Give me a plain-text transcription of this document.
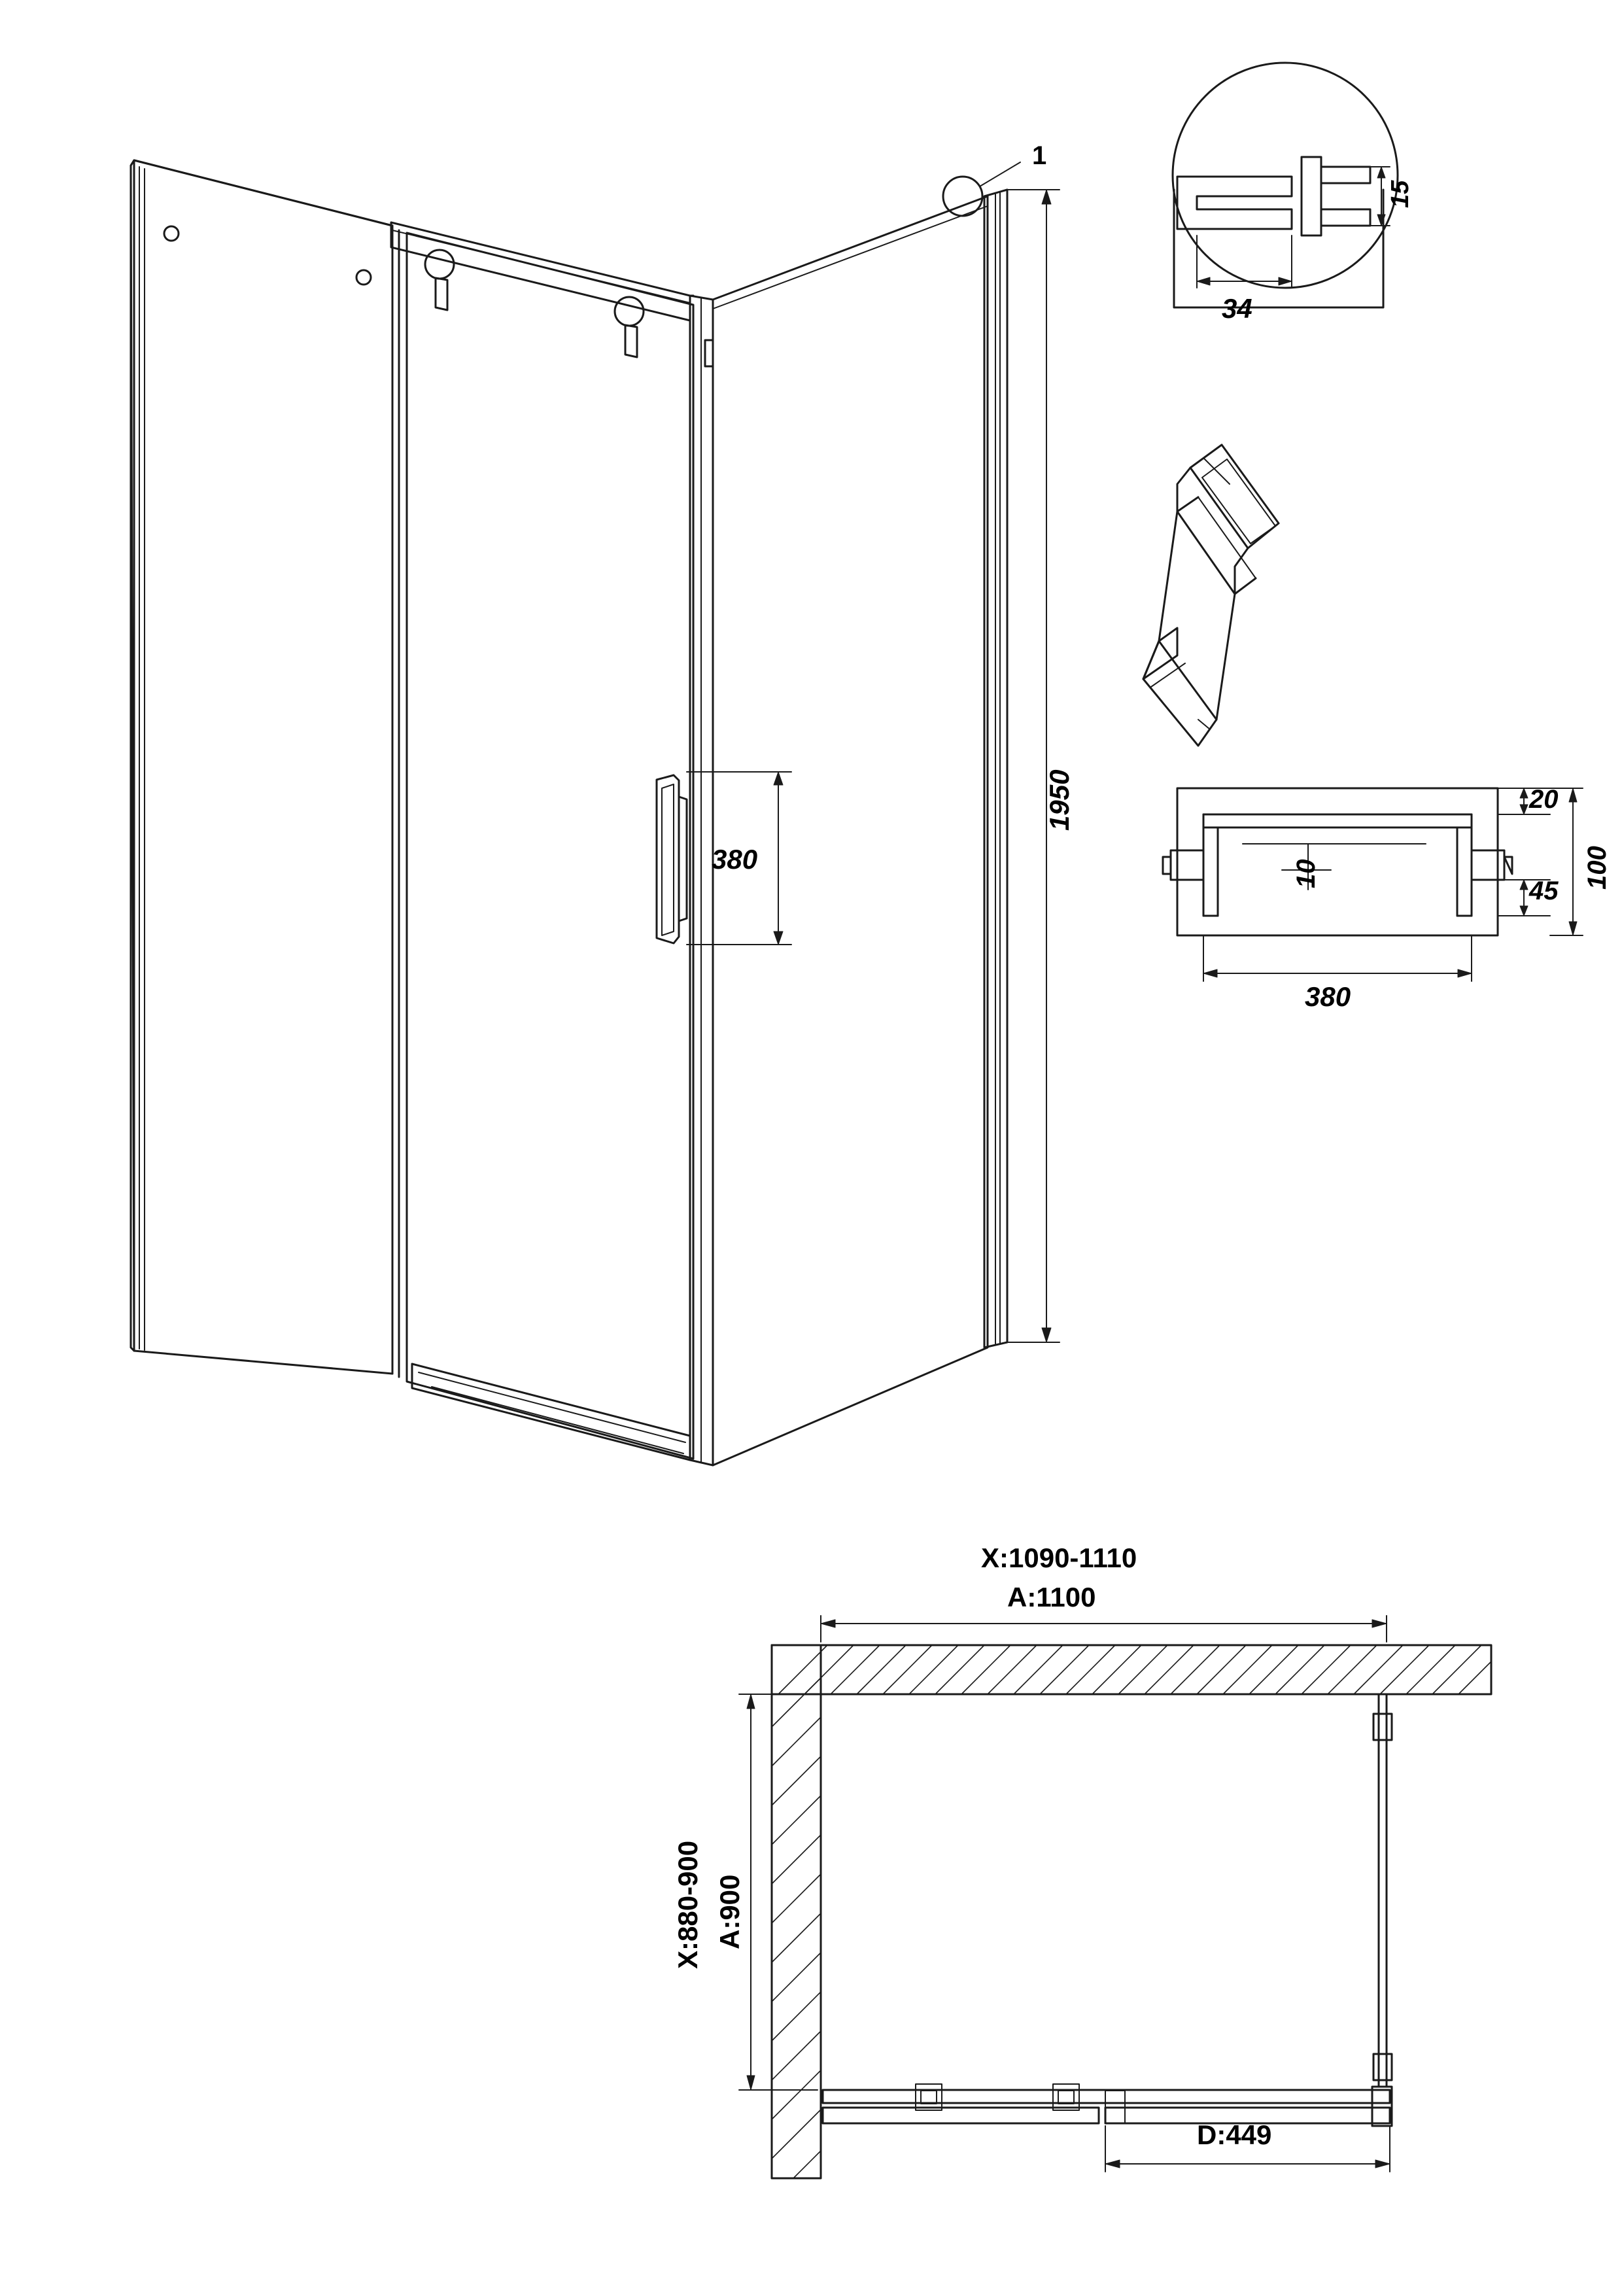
1
1950
380
34
15
20
10
45
100
380
X:1090-1110
A:1100
X:880-900 A:900
D:449
